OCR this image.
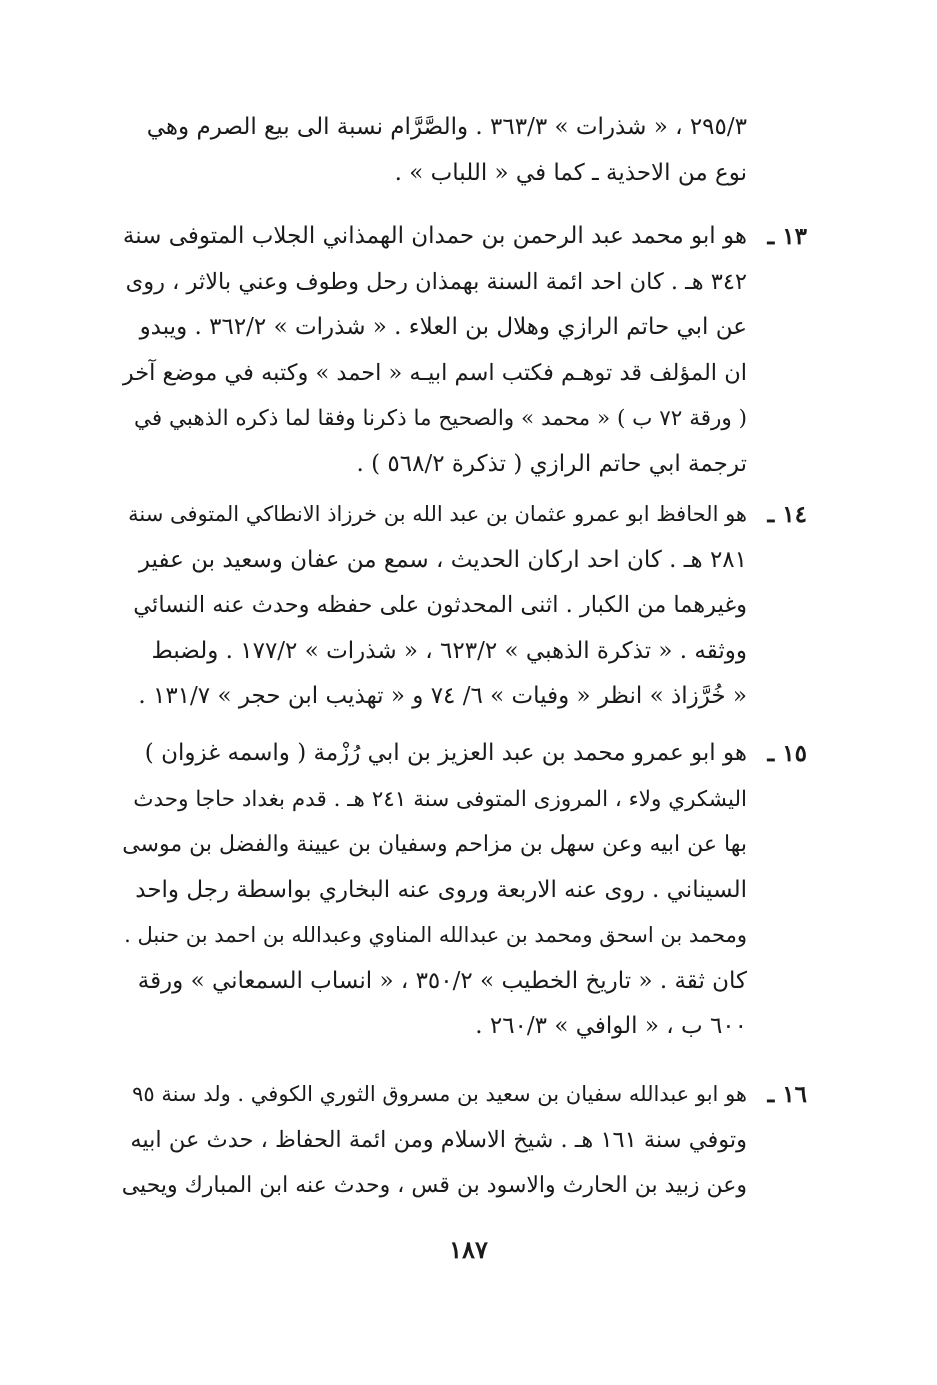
٢٩٥/٣ ، « شذرات » ٣٦٣/٣ . والصَّرَّام نسبة الى بيع الصرم وهي
نوع من الاحذية ـ كما في « اللباب » .
١٣ ـ
هو ابو محمد عبد الرحمن بن حمدان الهمذاني الجلاب المتوفى سنة
٣٤٢ هـ . كان احد ائمة السنة بهمذان رحل وطوف وعني بالاثر ، روى
عن ابي حاتم الرازي وهلال بن العلاء . « شذرات » ٣٦٢/٢ . ويبدو
ان المؤلف قد توهـم فكتب اسم ابيـه « احمد » وكتبه في موضع آخر
( ورقة ٧٢ ب ) « محمد » والصحيح ما ذكرنا وفقا لما ذكره الذهبي في
ترجمة ابي حاتم الرازي ( تذكرة ٥٦٨/٢ ) .
١٤ ـ
هو الحافظ ابو عمرو عثمان بن عبد الله بن خرزاذ الانطاكي المتوفى سنة
٢٨١ هـ . كان احد اركان الحديث ، سمع من عفان وسعيد بن عفير
وغيرهما من الكبار . اثنى المحدثون على حفظه وحدث عنه النسائي
ووثقه . « تذكرة الذهبي » ٦٢٣/٢ ، « شذرات » ١٧٧/٢ . ولضبط
« خُرَّزاذ » انظر « وفيات » ٦/ ٧٤ و « تهذيب ابن حجر » ١٣١/٧ .
١٥ ـ
هو ابو عمرو محمد بن عبد العزيز بن ابي رُزْمة ( واسمه غزوان )
اليشكري ولاء ، المروزى المتوفى سنة ٢٤١ هـ . قدم بغداد حاجا وحدث
بها عن ابيه وعن سهل بن مزاحم وسفيان بن عيينة والفضل بن موسى
السيناني . روى عنه الاربعة وروى عنه البخاري بواسطة رجل واحد
ومحمد بن اسحق ومحمد بن عبدالله المناوي وعبدالله بن احمد بن حنبل .
كان ثقة . « تاريخ الخطيب » ٣٥٠/٢ ، « انساب السمعاني » ورقة
٦٠٠ ب ، « الوافي » ٢٦٠/٣ .
١٦ ـ
هو ابو عبدالله سفيان بن سعيد بن مسروق الثوري الكوفي . ولد سنة ٩٥
وتوفي سنة ١٦١ هـ . شيخ الاسلام ومن ائمة الحفاظ ، حدث عن ابيه
وعن زبيد بن الحارث والاسود بن قس ، وحدث عنه ابن المبارك ويحيى
١٨٧
